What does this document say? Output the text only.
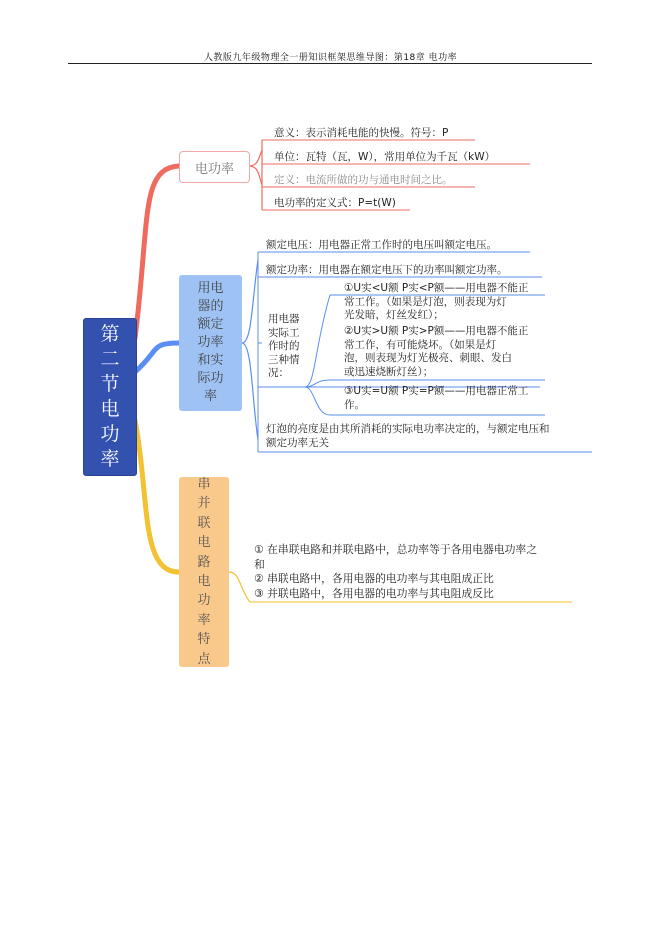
人教版九年级物理全一册知识框架思维导图：第18章 电功率
第
二
节
电
功
率
电功率
意义：表示消耗电能的快慢。符号：P
单位：瓦特（瓦，W），常用单位为千瓦（kW）
定义：电流所做的功与通电时间之比。
电功率的定义式：P=t(W)
用电
器的
额定
功率
和实
际功
率
额定电压：用电器正常工作时的电压叫额定电压。
额定功率：用电器在额定电压下的功率叫额定功率。
用电器
实际工
作时的
三种情
况：
①U实<U额 P实<P额——用电器不能正
常工作。（如果是灯泡，则表现为灯
光发暗，灯丝发红）；
②U实>U额 P实>P额——用电器不能正
常工作，有可能烧坏。（如果是灯
泡，则表现为灯光极亮、刺眼、发白
或迅速烧断灯丝）；
③U实=U额 P实=P额——用电器正常工
作。
灯泡的亮度是由其所消耗的实际电功率决定的，与额定电压和
额定功率无关
串
并
联
电
路
电
功
率
特
点
① 在串联电路和并联电路中，总功率等于各用电器电功率之
和
② 串联电路中，各用电器的电功率与其电阻成正比
③ 并联电路中，各用电器的电功率与其电阻成反比
